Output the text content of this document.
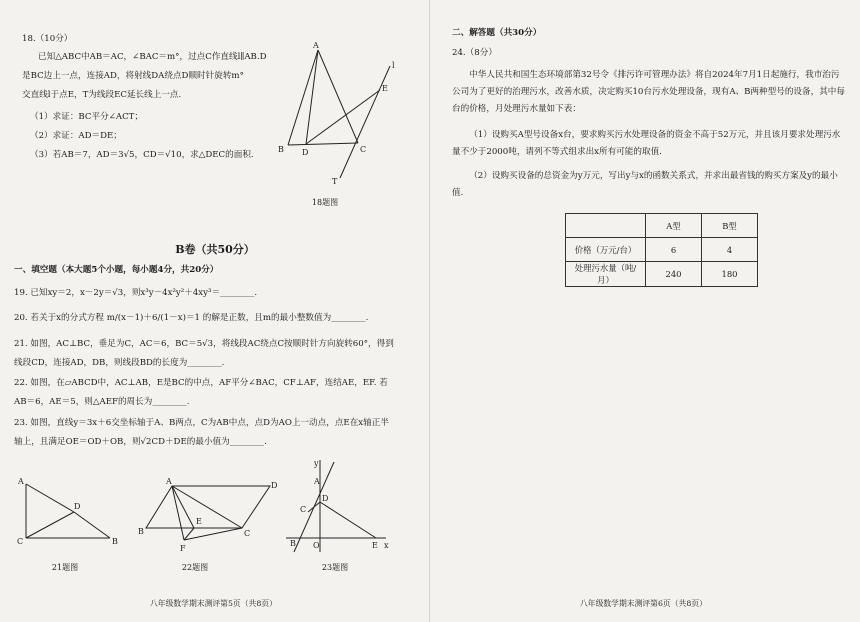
18.（10分）
已知△ABC中AB＝AC，∠BAC＝m°，过点C作直线l∥AB.D
是BC边上一点，连接AD，将射线DA绕点D顺时针旋转m°
交直线l于点E，T为线段EC延长线上一点.
（1）求证：BC平分∠ACT；
（2）求证：AD＝DE；
（3）若AB＝7，AD＝3√5，CD＝√10，求△DEC的面积.
A
B	C
D
E
l
T
18题图
B卷（共50分）
一、填空题（本大题5个小题，每小题4分，共20分）
19. 已知xy＝2，x－2y＝√3，则x³y－4x²y²＋4xy³＝________.
20. 若关于x的分式方程 m/(x－1)＋6/(1－x)＝1 的解是正数，且m的最小整数值为________.
21. 如图，AC⊥BC，垂足为C，AC＝6，BC＝5√3，将线段AC绕点C按顺时针方向旋转60°，得到
线段CD，连接AD，DB，则线段BD的长度为________.
22. 如图，在▱ABCD中，AC⊥AB，E是BC的中点，AF平分∠BAC，CF⊥AF，连结AE，EF. 若
AB＝6，AE＝5，则△AEF的周长为________.
23. 如图，直线y＝3x＋6交坐标轴于A、B两点，C为AB中点，点D为AO上一动点，点E在x轴正半
轴上，且满足OE＝OD＋OB，则√2CD＋DE的最小值为________.
A
C	B
D
21题图
A
B	C
D
E
F
22题图
y
A
C
D
B O	E x
23题图
八年级数学期末测评第5页（共8页）
二、解答题（共30分）
24.（8分）
中华人民共和国生态环境部第32号令《排污许可管理办法》将自2024年7月1日起施行，我市治污公司为了更好的治理污水，改善水质，决定购买10台污水处理设备，现有A、B两种型号的设备，其中每台的价格，月处理污水量如下表：
（1）设购买A型号设备x台，要求购买污水处理设备的资金不高于52万元，并且该月要求处理污水量不少于2000吨，请列不等式组求出x所有可能的取值.
（2）设购买设备的总资金为y万元，写出y与x的函数关系式，并求出最省钱的购买方案及y的最小值.
	A型	B型
价格（万元/台）	6	4
处理污水量（吨/月）	240	180
八年级数学期末测评第6页（共8页）
